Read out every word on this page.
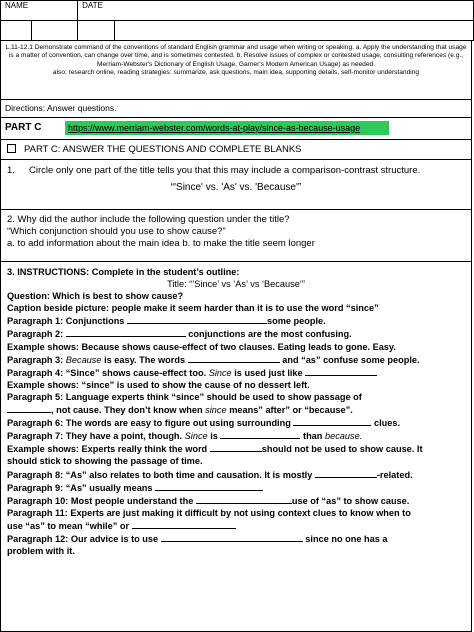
NAME		DATE	

L.11-12.1 Demonstrate command of the conventions of standard English grammar and usage when writing or speaking. a. Apply the understanding that usage is a matter of convention, can change over time, and is sometimes contested. b. Resolve issues of complex or contested usage, consulting references (e.g., Merriam-Webster's Dictionary of English Usage, Garner's Modern American Usage) as needed.
also: research online, reading strategies: summarize, ask questions, main idea, supporting details, self-monitor understanding
Directions: Answer questions.
PART C	https://www.merriam-webster.com/words-at-play/since-as-because-usage
PART C: ANSWER THE QUESTIONS AND COMPLETE BLANKS
1. Circle only one part of the title tells you that this may include a comparison-contrast structure.
“'Since' vs. 'As' vs. 'Because'”
2. Why did the author include the following question under the title?
“Which conjunction should you use to show cause?”
a. to add information about the main idea b. to make the title seem longer
3. INSTRUCTIONS: Complete in the student’s outline:
Title: “’Since’ vs ‘As’ vs ‘Because’”
Question: Which is best to show cause?
Caption beside picture: people make it seem harder than it is to use the word “since”
Paragraph 1: Conjunctions	some people.
Paragraph 2:	conjunctions are the most confusing.
Example shows: Because shows cause-effect of two clauses. Eating leads to gone. Easy.
Paragraph 3: Because is easy. The words	and “as” confuse some people.
Paragraph 4: “Since” shows cause-effect too. Since is used just like
Example shows: “since” is used to show the cause of no dessert left.
Paragraph 5: Language experts think “since” should be used to show passage of
, not cause. They don’t know when since means” after” or “because”.
Paragraph 6: The words are easy to figure out using surrounding	clues.
Paragraph 7: They have a point, though. Since is	than because.
Example shows: Experts really think the word	should not be used to show cause. It
should stick to showing the passage of time.
Paragraph 8: “As” also relates to both time and causation. It is mostly	-related.
Paragraph 9: “As” usually means
Paragraph 10: Most people understand the	use of “as” to show cause.
Paragraph 11: Experts are just making it difficult by not using context clues to know when to
use “as” to mean “while” or
Paragraph 12: Our advice is to use	since no one has a
problem with it.
